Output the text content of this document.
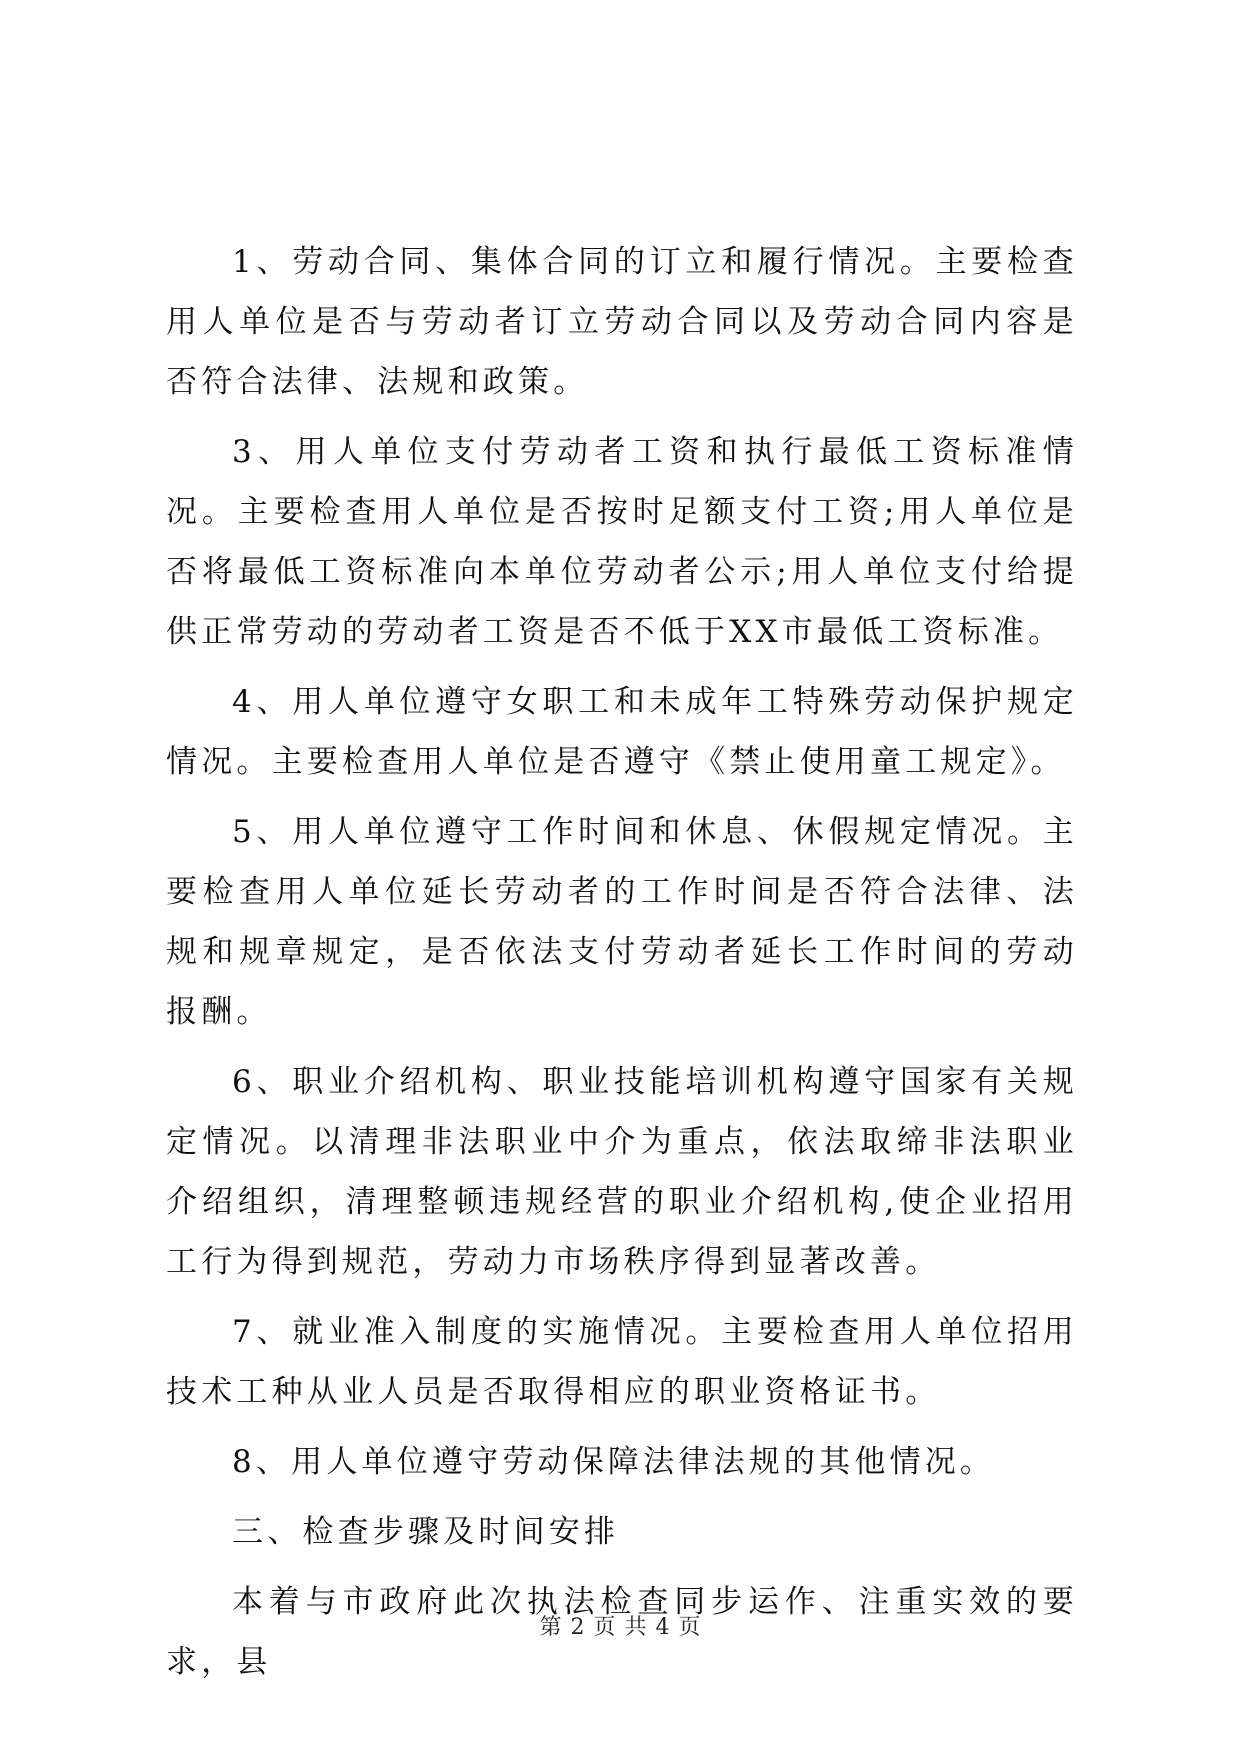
1、劳动合同、集体合同的订立和履行情况。主要检查用人单位是否与劳动者订立劳动合同以及劳动合同内容是否符合法律、法规和政策。

3、用人单位支付劳动者工资和执行最低工资标准情况。主要检查用人单位是否按时足额支付工资;用人单位是否将最低工资标准向本单位劳动者公示;用人单位支付给提供正常劳动的劳动者工资是否不低于XX市最低工资标准。

4、用人单位遵守女职工和未成年工特殊劳动保护规定情况。主要检查用人单位是否遵守《禁止使用童工规定》。

5、用人单位遵守工作时间和休息、休假规定情况。主要检查用人单位延长劳动者的工作时间是否符合法律、法规和规章规定，是否依法支付劳动者延长工作时间的劳动报酬。

6、职业介绍机构、职业技能培训机构遵守国家有关规定情况。以清理非法职业中介为重点，依法取缔非法职业介绍组织，清理整顿违规经营的职业介绍机构,使企业招用工行为得到规范，劳动力市场秩序得到显著改善。

7、就业准入制度的实施情况。主要检查用人单位招用技术工种从业人员是否取得相应的职业资格证书。

8、用人单位遵守劳动保障法律法规的其他情况。

三、检查步骤及时间安排

本着与市政府此次执法检查同步运作、注重实效的要求，县

第 2 页 共 4 页
